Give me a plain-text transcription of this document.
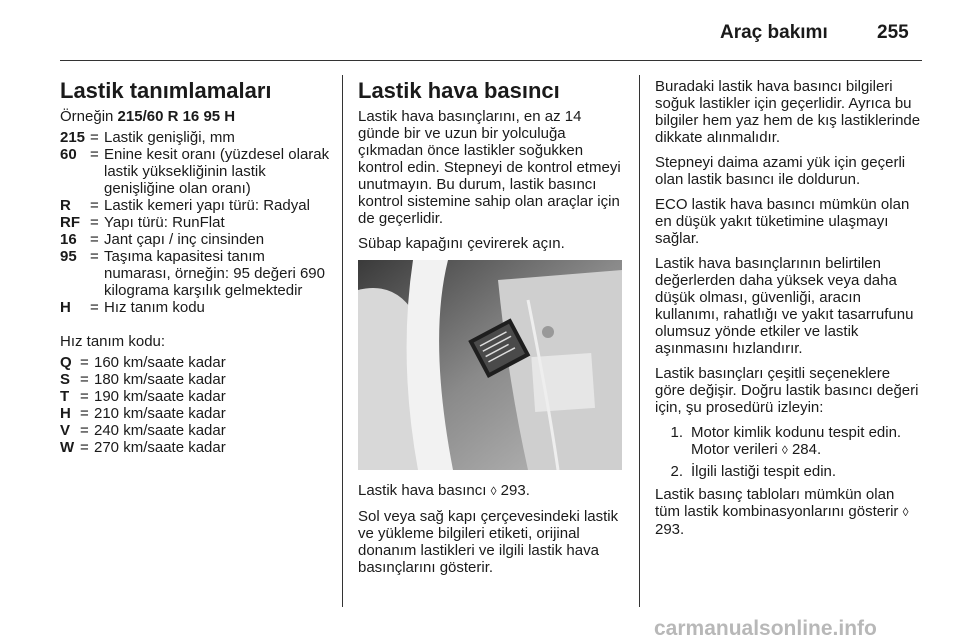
Araç bakımı	255
Lastik tanımlamaları

Örneğin 215/60 R 16 95 H

215 = Lastik genişliği, mm
60 = Enine kesit oranı (yüzdesel olarak lastik yüksekliğinin lastik genişliğine olan oranı)
R	= Lastik kemeri yapı türü: Radyal
RF = Yapı türü: RunFlat
16 = Jant çapı / inç cinsinden
95 = Taşıma kapasitesi tanım numarası, örneğin: 95 değeri 690 kilograma karşılık gelmektedir
H	= Hız tanım kodu

Hız tanım kodu:

Q = 160 km/saate kadar
S = 180 km/saate kadar
T = 190 km/saate kadar
H = 210 km/saate kadar
V = 240 km/saate kadar
W = 270 km/saate kadar
Lastik hava basıncı

Lastik hava basınçlarını, en az 14 günde bir ve uzun bir yolculuğa çıkmadan önce lastikler soğukken kontrol edin. Stepneyi de kontrol etmeyi unutmayın. Bu durum, lastik basıncı kontrol sistemine sahip olan araçlar için de geçerlidir.

Sübap kapağını çevirerek açın.

Lastik hava basıncı ◊ 293.

Sol veya sağ kapı çerçevesindeki lastik ve yükleme bilgileri etiketi, orijinal donanım lastikleri ve ilgili lastik hava basınçlarını gösterir.

Buradaki lastik hava basıncı bilgileri soğuk lastikler için geçerlidir. Ayrıca bu bilgiler hem yaz hem de kış lastiklerinde dikkate alınmalıdır.

Stepneyi daima azami yük için geçerli olan lastik basıncı ile doldurun.

ECO lastik hava basıncı mümkün olan en düşük yakıt tüketimine ulaşmayı sağlar.

Lastik hava basınçlarının belirtilen değerlerden daha yüksek veya daha düşük olması, güvenliği, aracın kullanımı, rahatlığı ve yakıt tasarrufunu olumsuz yönde etkiler ve lastik aşınmasını hızlandırır.

Lastik basınçları çeşitli seçeneklere göre değişir. Doğru lastik basıncı değeri için, şu prosedürü izleyin:

1. Motor kimlik kodunu tespit edin. Motor verileri ◊ 284.
2. İlgili lastiği tespit edin.

Lastik basınç tabloları mümkün olan tüm lastik kombinasyonlarını gösterir ◊ 293.

carmanualsonline.info
